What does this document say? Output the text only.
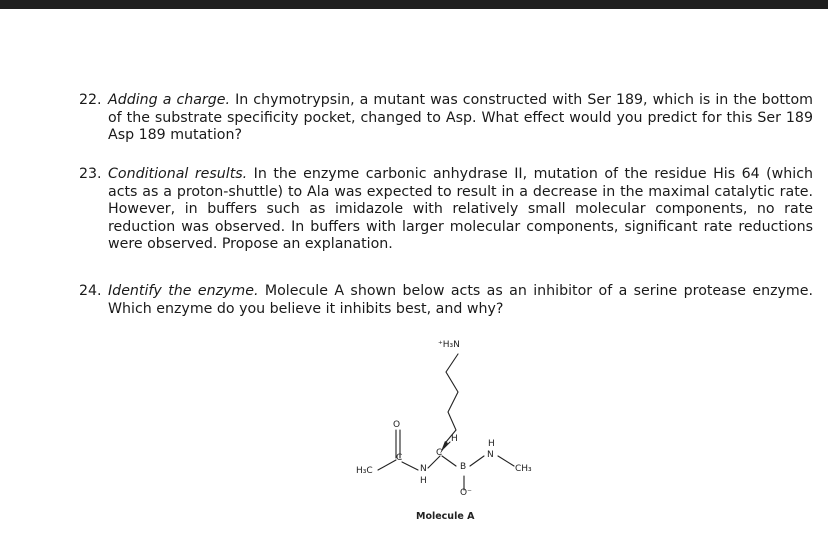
22. Adding a charge. In chymotrypsin, a mutant was constructed with Ser 189, which is in the bottom of the substrate specificity pocket, changed to Asp. What effect would you predict for this Ser 189 Asp 189 mutation?
23. Conditional results. In the enzyme carbonic anhydrase II, mutation of the residue His 64 (which acts as a proton-shuttle) to Ala was expected to result in a decrease in the maximal catalytic rate. However, in buffers such as imidazole with relatively small molecular components, no rate reduction was observed. In buffers with larger molecular components, significant rate reductions were observed. Propose an explanation.
24. Identify the enzyme. Molecule A shown below acts as an inhibitor of a serine protease enzyme. Which enzyme do you believe it inhibits best, and why?
⁺H₃N
O
H₃C
C
N
H
C
H
B
O⁻
H
N
CH₃
Molecule A
